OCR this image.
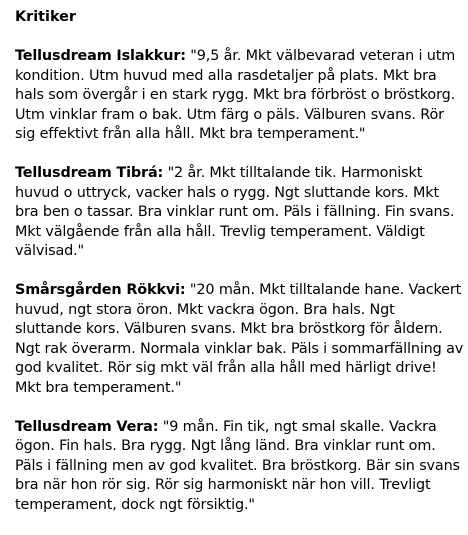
Kritiker

Tellusdream Islakkur: "9,5 år. Mkt välbevarad veteran i utm kondition. Utm huvud med alla rasdetaljer på plats. Mkt bra hals som övergår i en stark rygg. Mkt bra förbröst o bröstkorg. Utm vinklar fram o bak. Utm färg o päls. Välburen svans. Rör sig effektivt från alla håll. Mkt bra temperament."

Tellusdream Tibrá: "2 år. Mkt tilltalande tik. Harmoniskt huvud o uttryck, vacker hals o rygg. Ngt sluttande kors. Mkt bra ben o tassar. Bra vinklar runt om. Päls i fällning. Fin svans. Mkt välgående från alla håll. Trevlig temperament. Väldigt välvisad."

Smårsgården Rökkvi: "20 mån. Mkt tilltalande hane. Vackert huvud, ngt stora öron. Mkt vackra ögon. Bra hals. Ngt sluttande kors. Välburen svans. Mkt bra bröstkorg för åldern. Ngt rak överarm. Normala vinklar bak. Päls i sommarfällning av god kvalitet. Rör sig mkt väl från alla håll med härligt drive! Mkt bra temperament."

Tellusdream Vera: "9 mån. Fin tik, ngt smal skalle. Vackra ögon. Fin hals. Bra rygg. Ngt lång länd. Bra vinklar runt om. Päls i fällning men av god kvalitet. Bra bröstkorg. Bär sin svans bra när hon rör sig. Rör sig harmoniskt när hon vill. Trevligt temperament, dock ngt försiktig."
